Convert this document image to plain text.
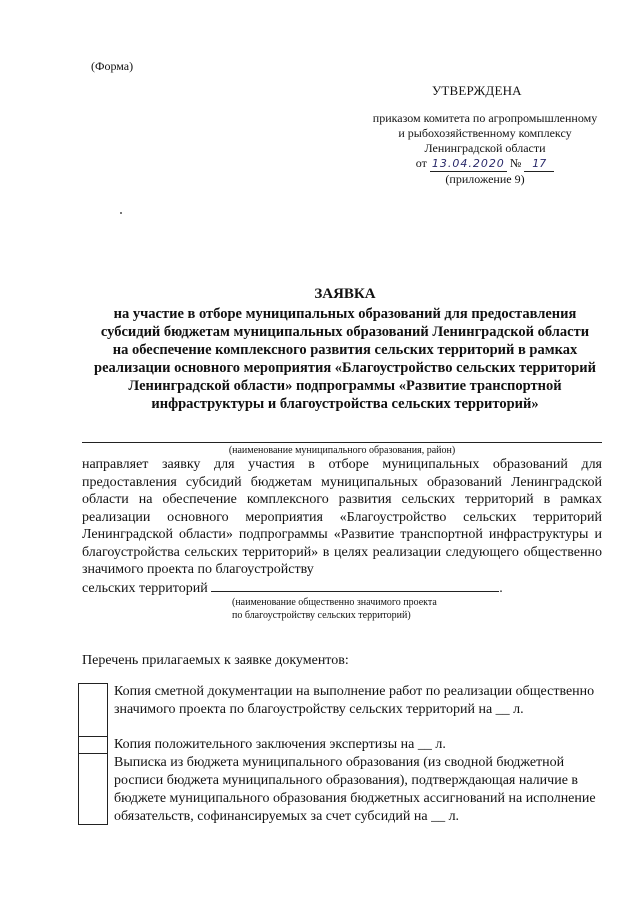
(Форма)
УТВЕРЖДЕНА
приказом комитета по агропромышленному
и рыбохозяйственному комплексу
Ленинградской области
от 13.04.2020 № 17
(приложение 9)
ЗАЯВКА
на участие в отборе муниципальных образований для предоставления
субсидий бюджетам муниципальных образований Ленинградской области
на обеспечение комплексного развития сельских территорий в рамках
реализации основного мероприятия «Благоустройство сельских территорий
Ленинградской области» подпрограммы «Развитие транспортной
инфраструктуры и благоустройства сельских территорий»
(наименование муниципального образования, район)
направляет заявку для участия в отборе муниципальных образований для предоставления субсидий бюджетам муниципальных образований Ленинградской области на обеспечение комплексного развития сельских территорий в рамках реализации основного мероприятия «Благоустройство сельских территорий Ленинградской области» подпрограммы «Развитие транспортной инфраструктуры и благоустройства сельских территорий» в целях реализации следующего общественно значимого проекта по благоустройству
сельских территорий	.
(наименование общественно значимого проекта
по благоустройству сельских территорий)
Перечень прилагаемых к заявке документов:
Копия сметной документации на выполнение работ по реализации общественно значимого проекта по благоустройству сельских территорий на __ л.
Копия положительного заключения экспертизы на __ л.
Выписка из бюджета муниципального образования (из сводной бюджетной росписи бюджета муниципального образования), подтверждающая наличие в бюджете муниципального образования бюджетных ассигнований на исполнение обязательств, софинансируемых за счет субсидий на __ л.
